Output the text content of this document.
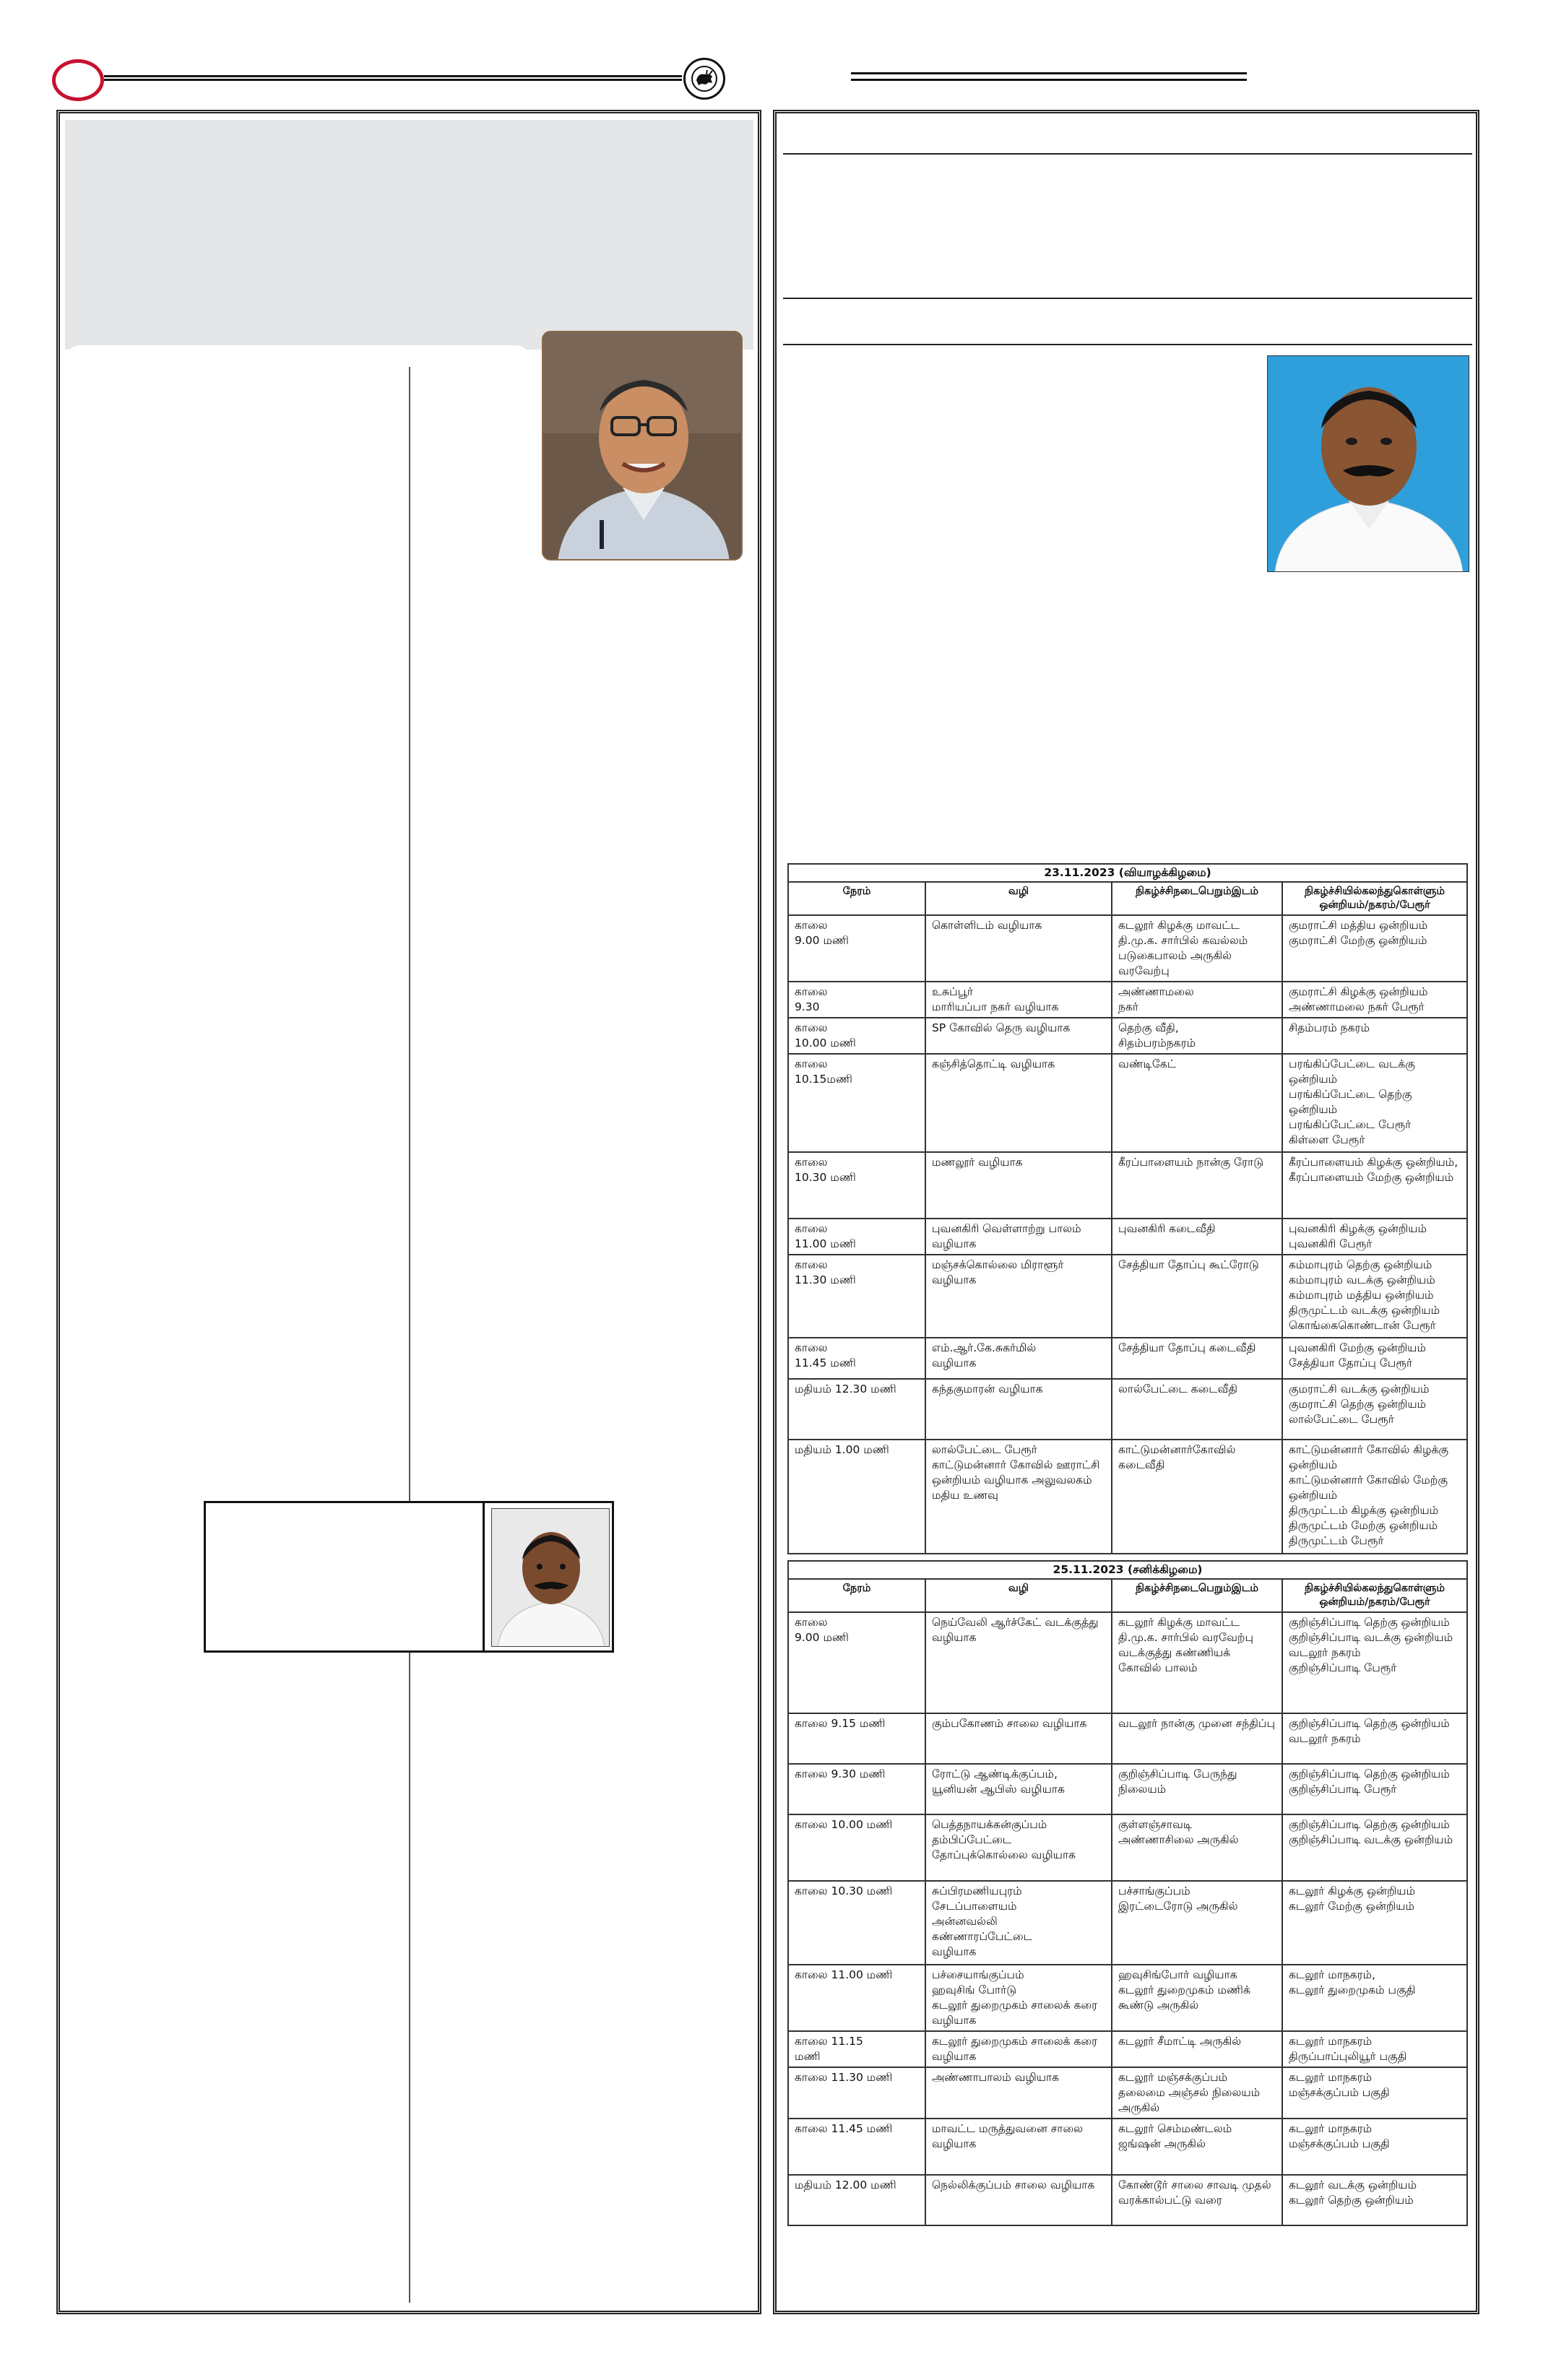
23.11.2023 (வியாழக்கிழமை)			
நேரம்	வழி	நிகழ்ச்சிநடைபெறும்இடம்	நிகழ்ச்சியில்கலந்துகொள்ளும் ஒன்றியம்/நகரம்/பேரூர்
காலை
9.00 மணி	கொள்ளிடம் வழியாக	கடலூர் கிழக்கு மாவட்ட தி.மு.க. சார்பில் கவல்லம் படுகைபாலம் அருகில் வரவேற்பு	குமராட்சி மத்திய ஒன்றியம்
குமராட்சி மேற்கு ஒன்றியம்
காலை
9.30	உசுப்பூர்
மாரியப்பா நகர் வழியாக	அண்ணாமலை
நகர்	குமராட்சி கிழக்கு ஒன்றியம்
அண்ணாமலை நகர் பேரூர்
காலை
10.00 மணி	SP கோவில் தெரு வழியாக	தெற்கு வீதி,
சிதம்பரம்நகரம்	சிதம்பரம் நகரம்
காலை
10.15மணி	கஞ்சித்தொட்டி வழியாக	வண்டிகேட்	பரங்கிப்பேட்டை வடக்கு ஒன்றியம்
பரங்கிப்பேட்டை தெற்கு ஒன்றியம்
பரங்கிப்பேட்டை பேரூர்
கிள்ளை பேரூர்
காலை
10.30 மணி	மணலூர் வழியாக	கீரப்பாளையம் நான்கு ரோடு	கீரப்பாளையம் கிழக்கு ஒன்றியம்,
கீரப்பாளையம் மேற்கு ஒன்றியம்
காலை
11.00 மணி	புவனகிரி வெள்ளாற்று பாலம் வழியாக	புவனகிரி கடைவீதி	புவனகிரி கிழக்கு ஒன்றியம்
புவனகிரி பேரூர்
காலை
11.30 மணி	மஞ்சக்கொல்லை மிராளூர் வழியாக	சேத்தியா தோப்பு கூட்ரோடு	கம்மாபுரம் தெற்கு ஒன்றியம்
கம்மாபுரம் வடக்கு ஒன்றியம்
கம்மாபுரம் மத்திய ஒன்றியம்
திருமுட்டம் வடக்கு ஒன்றியம்
கொங்கைகொண்டான் பேரூர்
காலை
11.45 மணி	எம்.ஆர்.கே.சுகர்மில்
வழியாக	சேத்தியா தோப்பு கடைவீதி	புவனகிரி மேற்கு ஒன்றியம்
சேத்தியா தோப்பு பேரூர்
மதியம் 12.30 மணி	கந்தகுமாரன் வழியாக	லால்பேட்டை கடைவீதி	குமராட்சி வடக்கு ஒன்றியம்
குமராட்சி தெற்கு ஒன்றியம்
லால்பேட்டை பேரூர்
மதியம் 1.00 மணி	லால்பேட்டை பேரூர் காட்டுமன்னார் கோவில் ஊராட்சி ஒன்றியம் வழியாக அலுவலகம் மதிய உணவு	காட்டுமன்னார்கோவில் கடைவீதி	காட்டுமன்னார் கோவில் கிழக்கு ஒன்றியம்
காட்டுமன்னார் கோவில் மேற்கு ஒன்றியம்
திருமுட்டம் கிழக்கு ஒன்றியம்
திருமுட்டம் மேற்கு ஒன்றியம்
திருமுட்டம் பேரூர்
25.11.2023 (சனிக்கிழமை)			
நேரம்	வழி	நிகழ்ச்சிநடைபெறும்இடம்	நிகழ்ச்சியில்கலந்துகொள்ளும் ஒன்றியம்/நகரம்/பேரூர்
காலை
9.00 மணி	நெய்வேலி ஆர்ச்கேட் வடக்குத்து வழியாக	கடலூர் கிழக்கு மாவட்ட தி.மு.க. சார்பில் வரவேற்பு வடக்குத்து கண்ணியக் கோவில் பாலம்	குறிஞ்சிப்பாடி தெற்கு ஒன்றியம்
குறிஞ்சிப்பாடி வடக்கு ஒன்றியம்
வடலூர் நகரம்
குறிஞ்சிப்பாடி பேரூர்
காலை 9.15 மணி	கும்பகோணம் சாலை வழியாக	வடலூர் நான்கு முனை சந்திப்பு	குறிஞ்சிப்பாடி தெற்கு ஒன்றியம்
வடலூர் நகரம்
காலை 9.30 மணி	ரோட்டு ஆண்டிக்குப்பம்,
யூனியன் ஆபிஸ் வழியாக	குறிஞ்சிப்பாடி பேருந்து நிலையம்	குறிஞ்சிப்பாடி தெற்கு ஒன்றியம்
குறிஞ்சிப்பாடி பேரூர்
காலை 10.00 மணி	பெத்தநாயக்கன்குப்பம்
தம்பிப்பேட்டை
தோப்புக்கொல்லை வழியாக	குள்ளஞ்சாவடி
அண்ணாசிலை அருகில்	குறிஞ்சிப்பாடி தெற்கு ஒன்றியம்
குறிஞ்சிப்பாடி வடக்கு ஒன்றியம்
காலை 10.30 மணி	சுப்பிரமணியபுரம்
சேடப்பாளையம்
அன்னவல்லி
கண்ணாரப்பேட்டை
வழியாக	பச்சாங்குப்பம்
இரட்டைரோடு அருகில்	கடலூர் கிழக்கு ஒன்றியம்
கடலூர் மேற்கு ஒன்றியம்
காலை 11.00 மணி	பச்சையாங்குப்பம்
ஹவுசிங் போர்டு
கடலூர் துறைமுகம் சாலைக் கரை வழியாக	ஹவுசிங்போர் வழியாக
கடலூர் துறைமுகம் மணிக் கூண்டு அருகில்	கடலூர் மாநகரம்,
கடலூர் துறைமுகம் பகுதி
காலை 11.15
மணி	கடலூர் துறைமுகம் சாலைக் கரை வழியாக	கடலூர் சீமாட்டி அருகில்	கடலூர் மாநகரம்
திருப்பாப்புலியூர் பகுதி
காலை 11.30 மணி	அண்ணாபாலம் வழியாக	கடலூர் மஞ்சக்குப்பம் தலைமை அஞ்சல் நிலையம் அருகில்	கடலூர் மாநகரம்
மஞ்சக்குப்பம் பகுதி
காலை 11.45 மணி	மாவட்ட மருத்துவனை சாலை வழியாக	கடலூர் செம்மண்டலம் ஜங்ஷன் அருகில்	கடலூர் மாநகரம்
மஞ்சக்குப்பம் பகுதி
மதியம் 12.00 மணி	நெல்லிக்குப்பம் சாலை வழியாக	கோண்டூர் சாலை சாவடி முதல் வரக்கால்பட்டு வரை	கடலூர் வடக்கு ஒன்றியம்
கடலூர் தெற்கு ஒன்றியம்
